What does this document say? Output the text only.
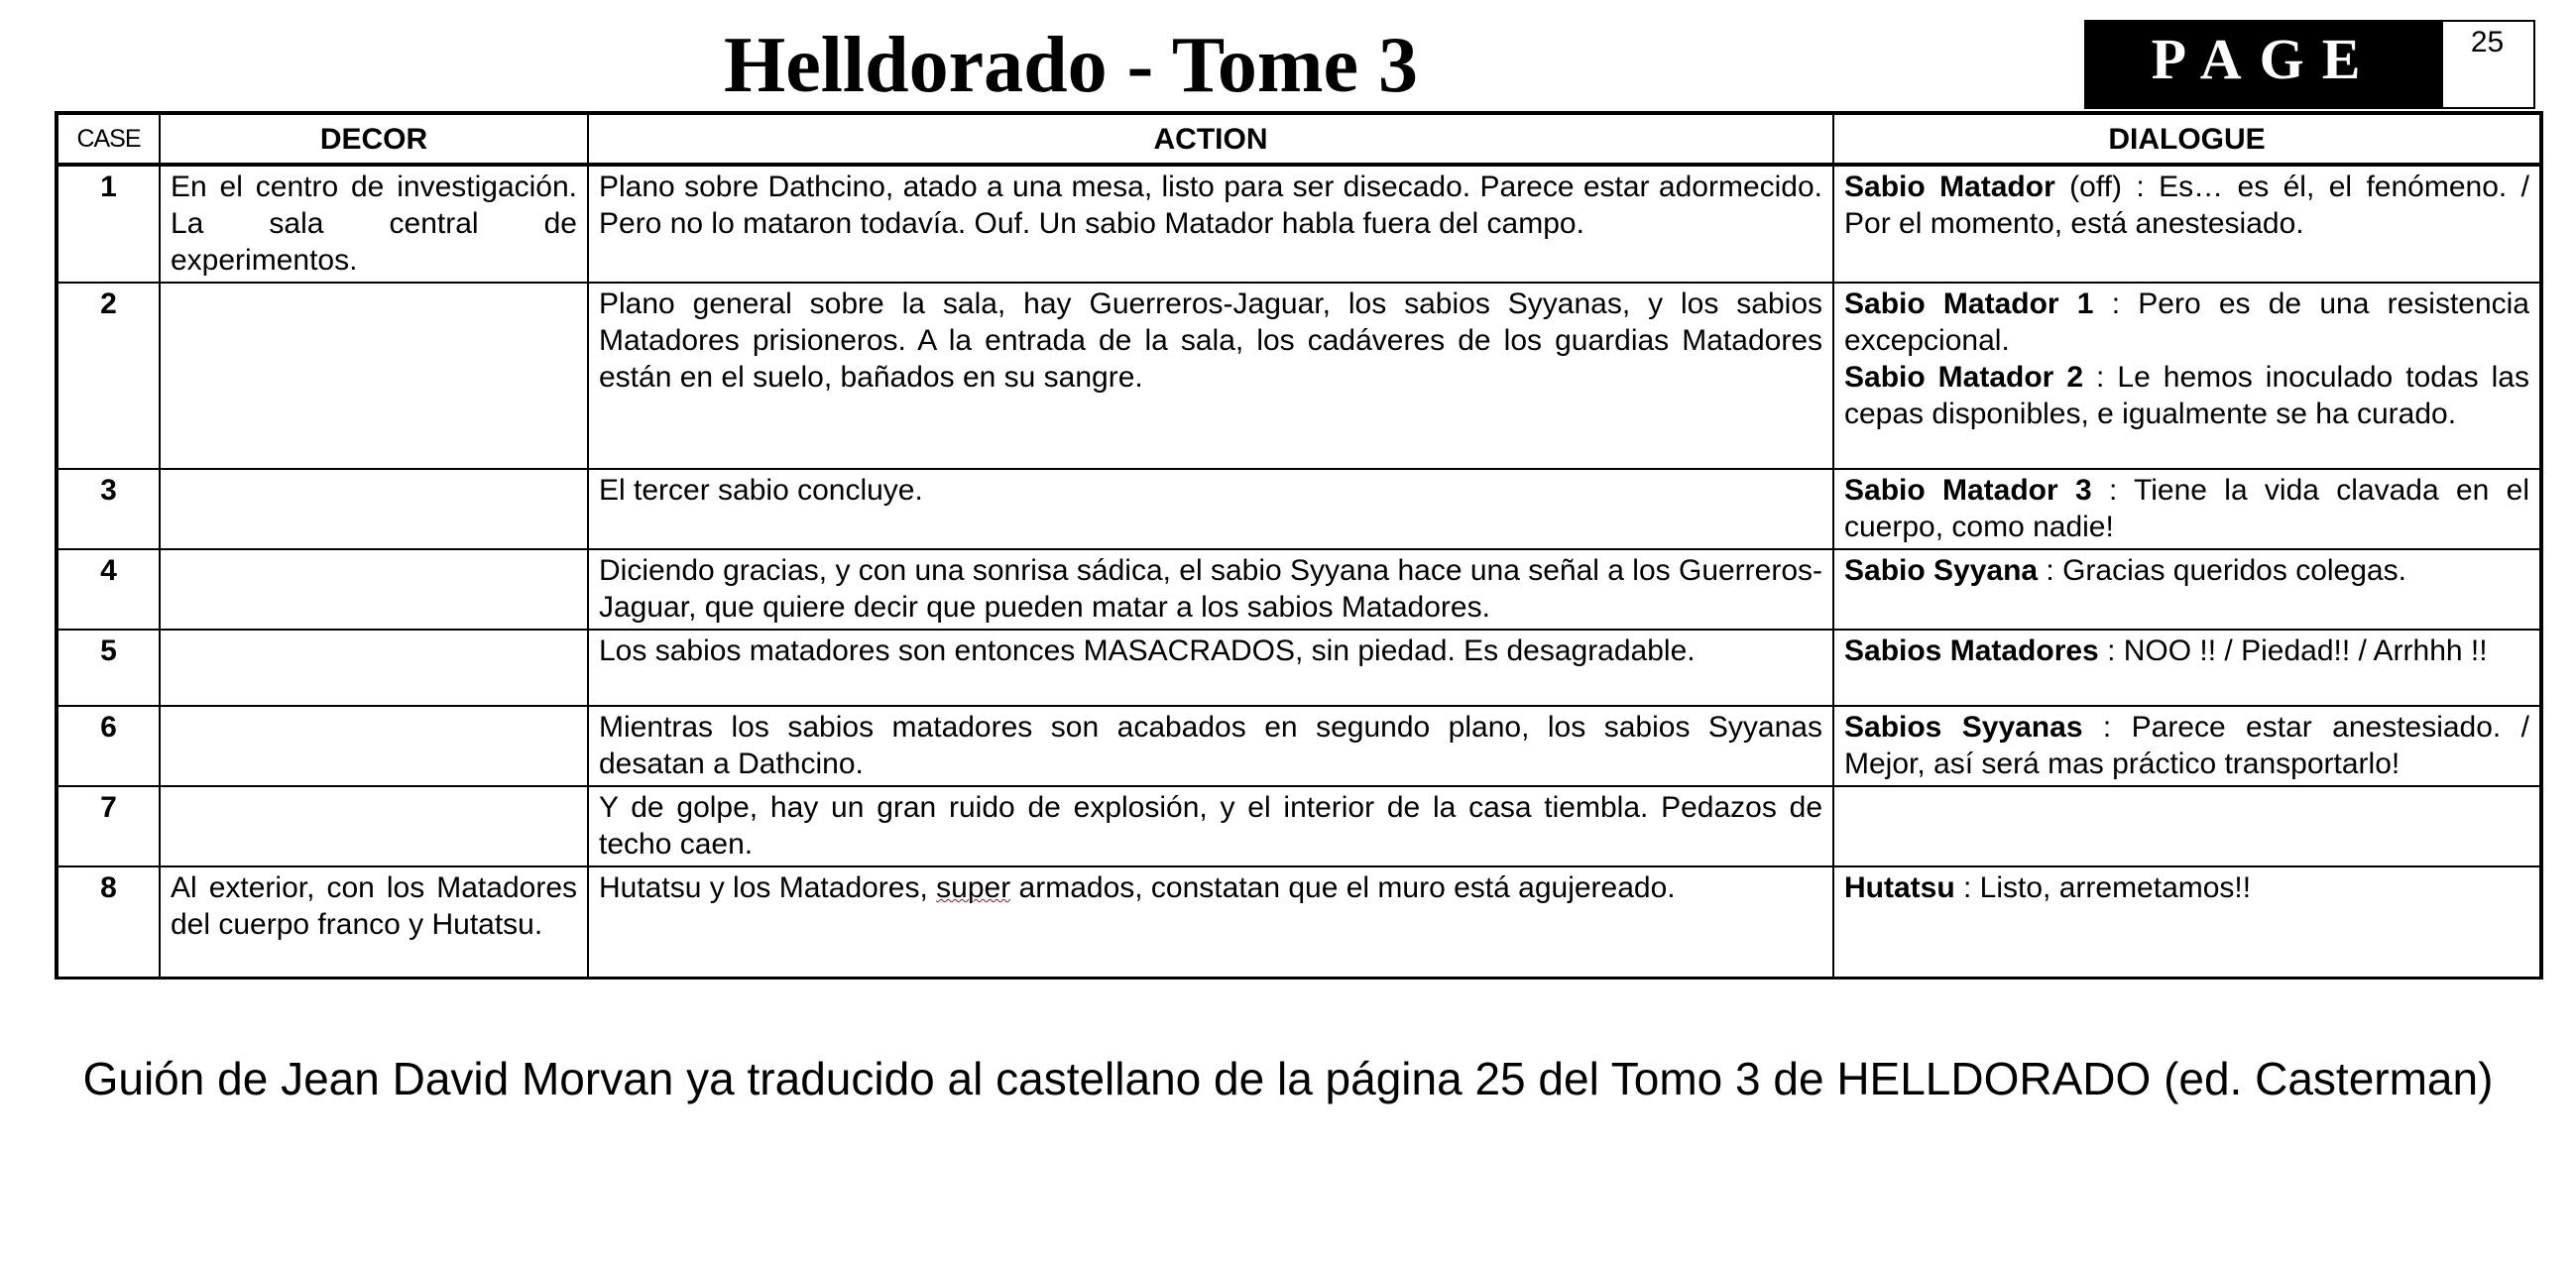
Helldorado - Tome 3	PAGE	25
CASE	DECOR	ACTION	DIALOGUE
1	En el centro de investigación. La sala central de experimentos.	Plano sobre Dathcino, atado a una mesa, listo para ser disecado. Parece estar adormecido. Pero no lo mataron todavía. Ouf. Un sabio Matador habla fuera del campo.	Sabio Matador (off) : Es… es él, el fenómeno. / Por el momento, está anestesiado.

2		Plano general sobre la sala, hay Guerreros-Jaguar, los sabios Syyanas, y los sabios Matadores prisioneros. A la entrada de la sala, los cadáveres de los guardias Matadores están en el suelo, bañados en su sangre.	Sabio Matador 1 : Pero es de una resistencia excepcional.
Sabio Matador 2 : Le hemos inoculado todas las cepas disponibles, e igualmente se ha curado.

3		El tercer sabio concluye.	Sabio Matador 3 : Tiene la vida clavada en el cuerpo, como nadie!

4		Diciendo gracias, y con una sonrisa sádica, el sabio Syyana hace una señal a los Guerreros-Jaguar, que quiere decir que pueden matar a los sabios Matadores.	Sabio Syyana : Gracias queridos colegas.

5		Los sabios matadores son entonces MASACRADOS, sin piedad. Es desagradable.	Sabios Matadores : NOO !! / Piedad!! / Arrhhh !!

6		Mientras los sabios matadores son acabados en segundo plano, los sabios Syyanas desatan a Dathcino.	Sabios Syyanas : Parece estar anestesiado. / Mejor, así será mas práctico transportarlo!

7		Y de golpe, hay un gran ruido de explosión, y el interior de la casa tiembla. Pedazos de techo caen.	
8	Al exterior, con los Matadores del cuerpo franco y Hutatsu.	Hutatsu y los Matadores, super armados, constatan que el muro está agujereado.	Hutatsu : Listo, arremetamos!!
Guión de Jean David Morvan ya traducido al castellano de la página 25 del Tomo 3 de HELLDORADO (ed. Casterman)
